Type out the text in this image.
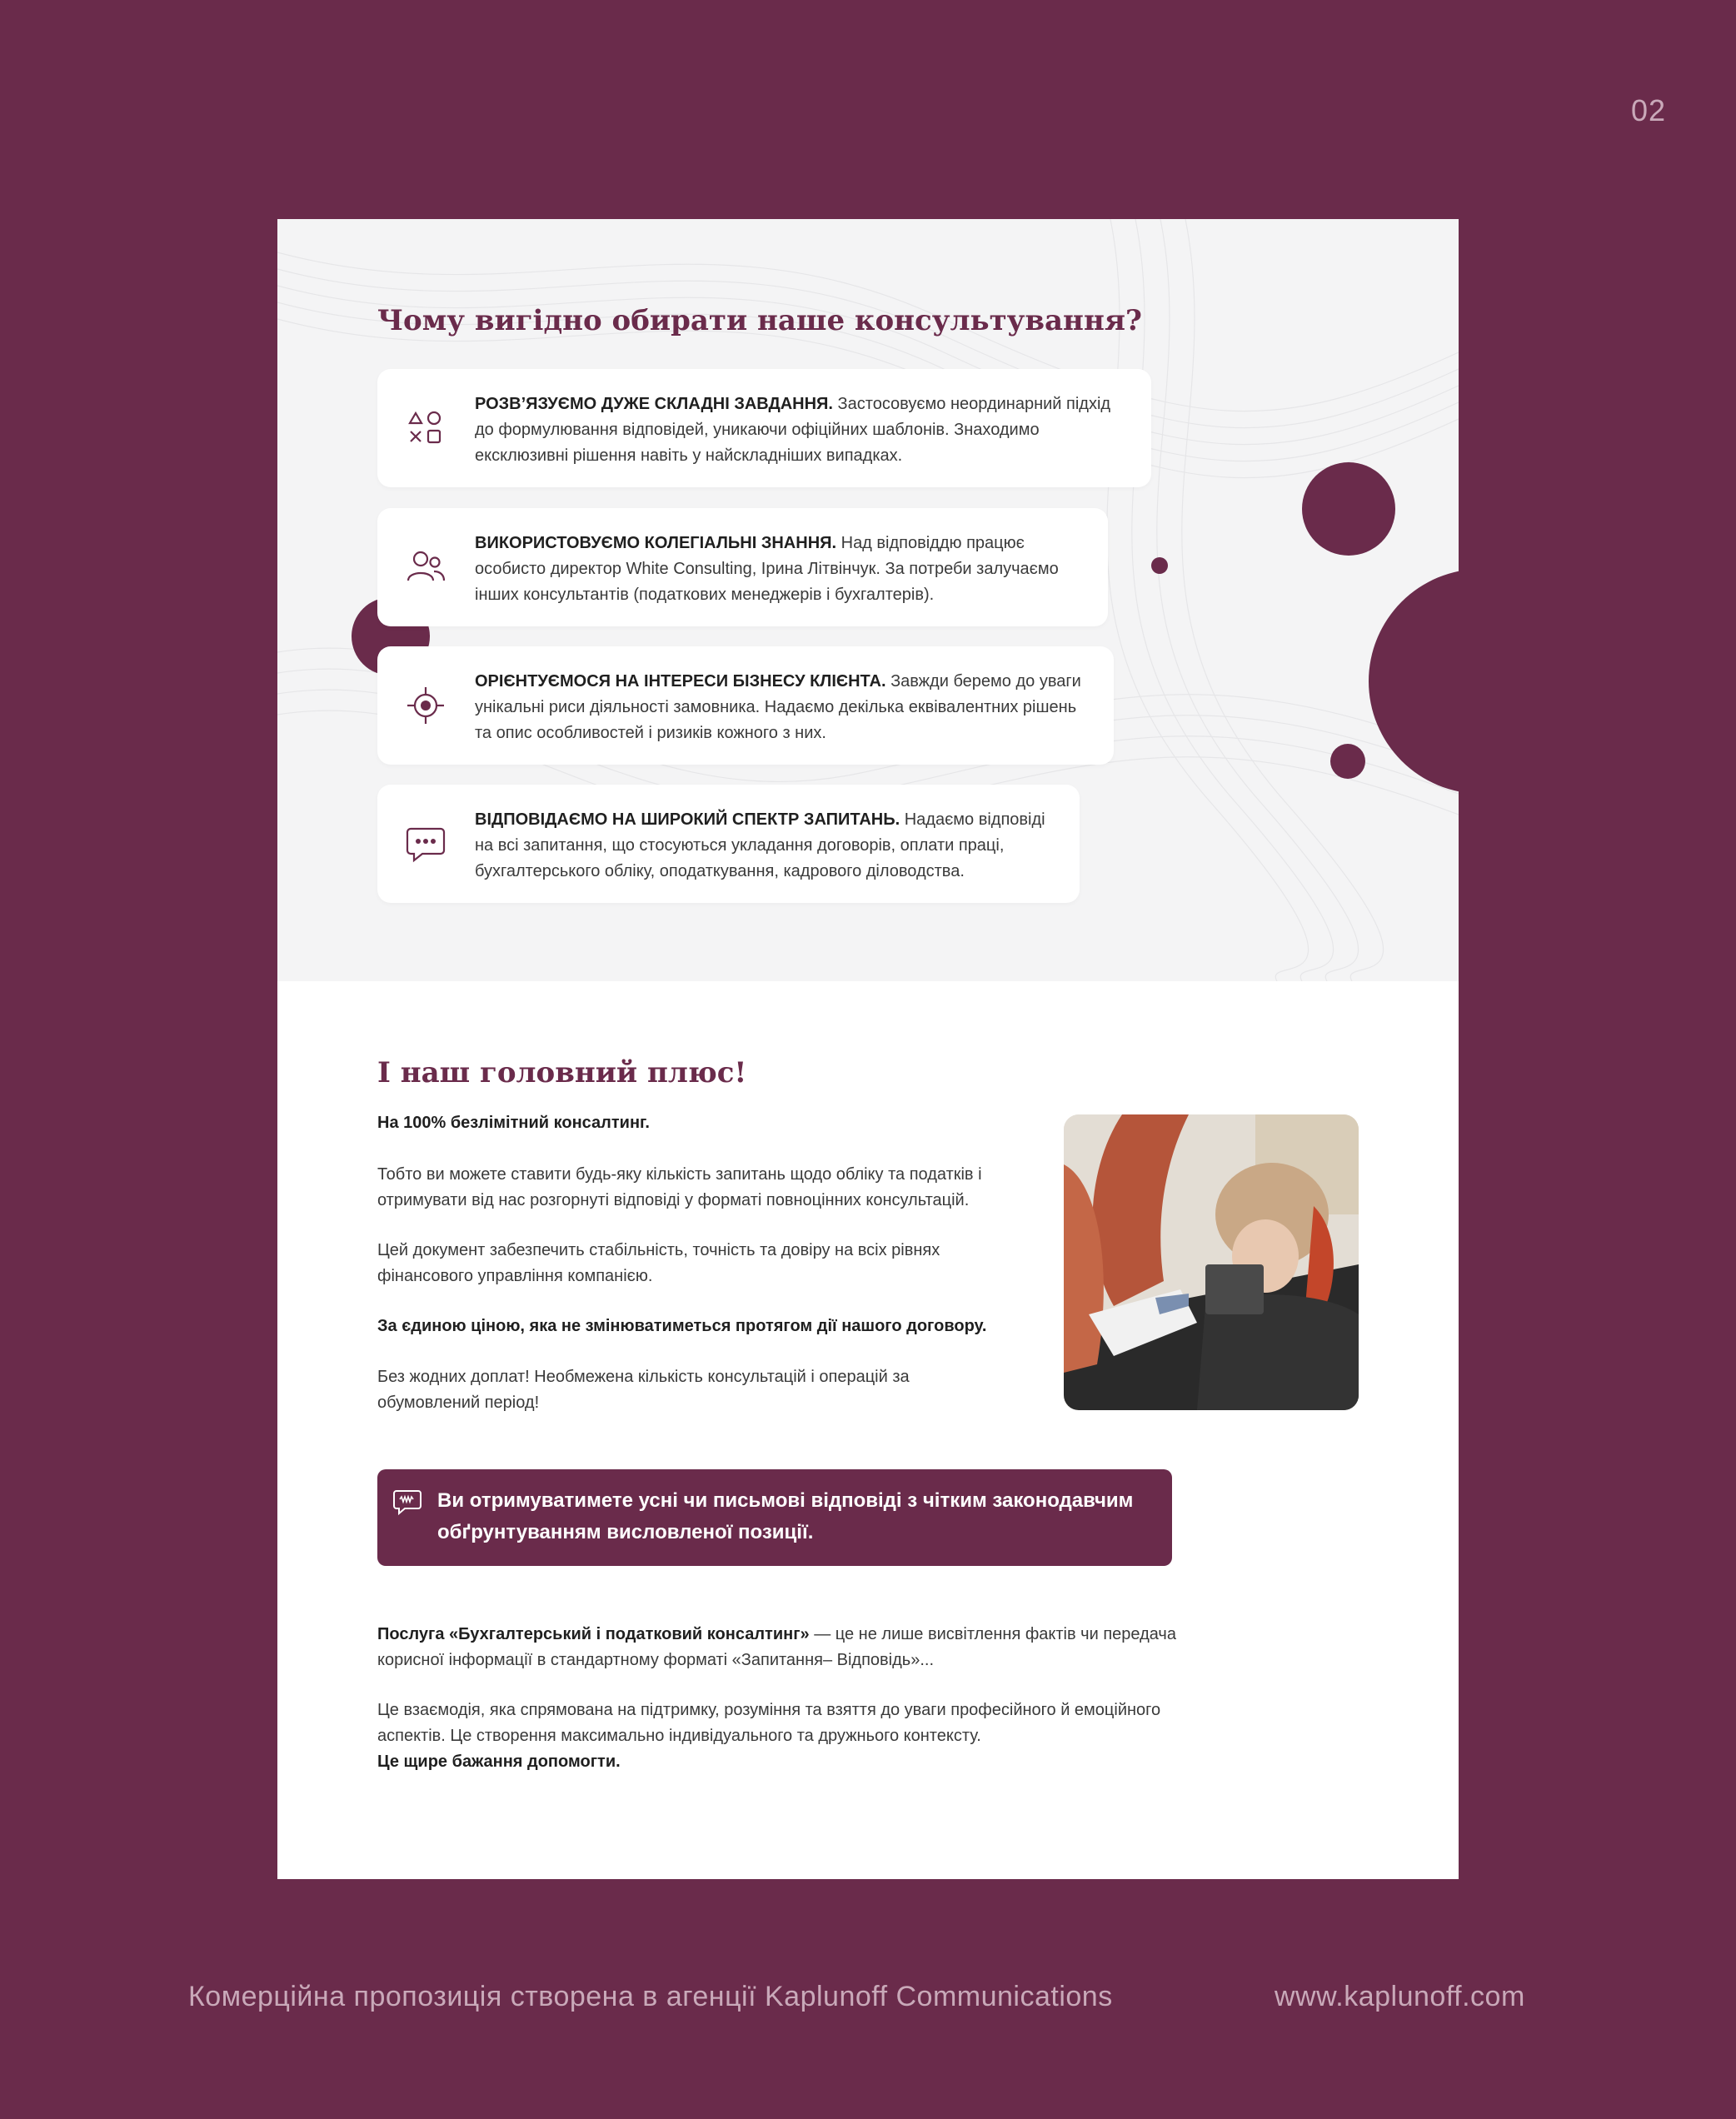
02
Чому вигідно обирати наше консультування?
РОЗВ’ЯЗУЄМО ДУЖЕ СКЛАДНІ ЗАВДАННЯ. Застосовуємо неординарний підхід до формулювання відповідей, уникаючи офіційних шаблонів. Знаходимо ексклюзивні рішення навіть у найскладніших випадках.
ВИКОРИСТОВУЄМО КОЛЕГІАЛЬНІ ЗНАННЯ. Над відповіддю працює особисто директор White Consulting, Ірина Літвінчук. За потреби залучаємо інших консультантів (податкових менеджерів і бухгалтерів).
ОРІЄНТУЄМОСЯ НА ІНТЕРЕСИ БІЗНЕСУ КЛІЄНТА. Завжди беремо до уваги унікальні риси діяльності замовника. Надаємо декілька еквівалентних рішень та опис особливостей і ризиків кожного з них.
ВІДПОВІДАЄМО НА ШИРОКИЙ СПЕКТР ЗАПИТАНЬ. Надаємо відповіді на всі запитання, що стосуються укладання договорів, оплати праці, бухгалтерського обліку, оподаткування, кадрового діловодства.
І наш головний плюс!
На 100% безлімітний консалтинг.
Тобто ви можете ставити будь-яку кількість запитань щодо обліку та податків і отримувати від нас розгорнуті відповіді у форматі повноцінних консультацій.
Цей документ забезпечить стабільність, точність та довіру на всіх рівнях фінансового управління компанією.
За єдиною ціною, яка не змінюватиметься протягом дії нашого договору.
Без жодних доплат! Необмежена кількість консультацій і операцій за обумовлений період!
Ви отримуватимете усні чи письмові відповіді з чітким законодавчим обґрунтуванням висловленої позиції.
Послуга «Бухгалтерський і податковий консалтинг» — це не лише висвітлення фактів чи передача корисної інформації в стандартному форматі «Запитання– Відповідь»...
Це взаємодія, яка спрямована на підтримку, розуміння та взяття до уваги професійного й емоційного аспектів. Це створення максимально індивідуального та дружнього контексту.
Це щире бажання допомогти.
Комерційна пропозиція створена в агенції Kaplunoff Communications	www.kaplunoff.com
